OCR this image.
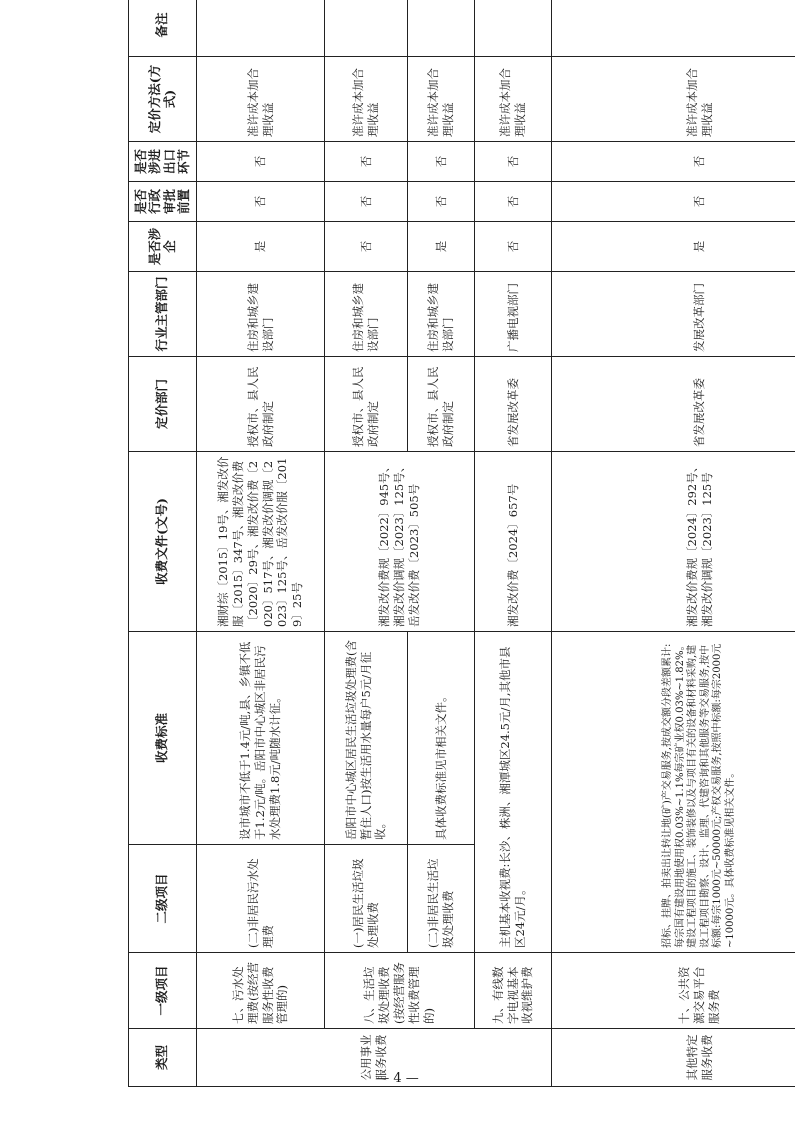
类型	一级项目	二级项目	收费标准	收费文件(文号)	定价部门	行业主管部门	是否涉企	是否行政审批前置	是否涉进出口环节	定价方法(方式)	备注
公用事业服务收费	七、污水处理费(按经营服务性收费管理的)	(二)非居民污水处理费	设市城市不低于1.4元/吨,县、乡镇不低于1.2元/吨。岳阳市中心城区非居民污水处理费1.8元/吨随水计征。	湘财综〔2015〕19号、湘发改价服〔2015〕347号、湘发改价费〔2020〕29号、湘发改价费〔2020〕517号、湘发改价调规〔2023〕125号、岳发改价服〔2019〕25号	授权市、县人民政府制定	住房和城乡建设部门	是	否	否	准许成本加合理收益	
	八、生活垃圾处理收费(按经营服务性收费管理的)	(一)居民生活垃圾处理收费	岳阳市中心城区居民生活垃圾处理费(含暂住人口)按生活用水量每户5元/月征收。	湘发改价费规〔2022〕945号、湘发改价调规〔2023〕125号、岳发改价费〔2023〕505号	授权市、县人民政府制定	住房和城乡建设部门	否	否	否	准许成本加合理收益	
		(二)非居民生活垃圾处理收费	具体收费标准见市相关文件。		授权市、县人民政府制定	住房和城乡建设部门	是	否	否	准许成本加合理收益	
	九、有线数字电视基本收视维护费	主机基本收视费:长沙、株洲、湘潭城区24.5元/月,其他市县区24元/月。		湘发改价费〔2024〕657号	省发展改革委	广播电视部门	否	否	否	准许成本加合理收益	
其他特定服务收费	十、公共资源交易平台服务费	招标、挂牌、拍卖出让转让地(矿)产交易服务,按成交额分段差额累计:每宗国有建设用地使用权0.03%~1.1%每宗矿业权0.03%~1.82%。建设工程项目的施工、装饰装修以及与项目有关的设备和材料采购,建设工程项目勘察、设计、监理、代建咨询和其他服务等交易服务,按中标额:每宗1000元~50000元;产权交易服务,按照中标额:每宗2000元~10000元。具体收费标准见相关文件。		湘发改价费规〔2024〕292号、湘发改价调规〔2023〕125号	省发展改革委	发展改革部门	是	否	否	准许成本加合理收益	
— 4 —
